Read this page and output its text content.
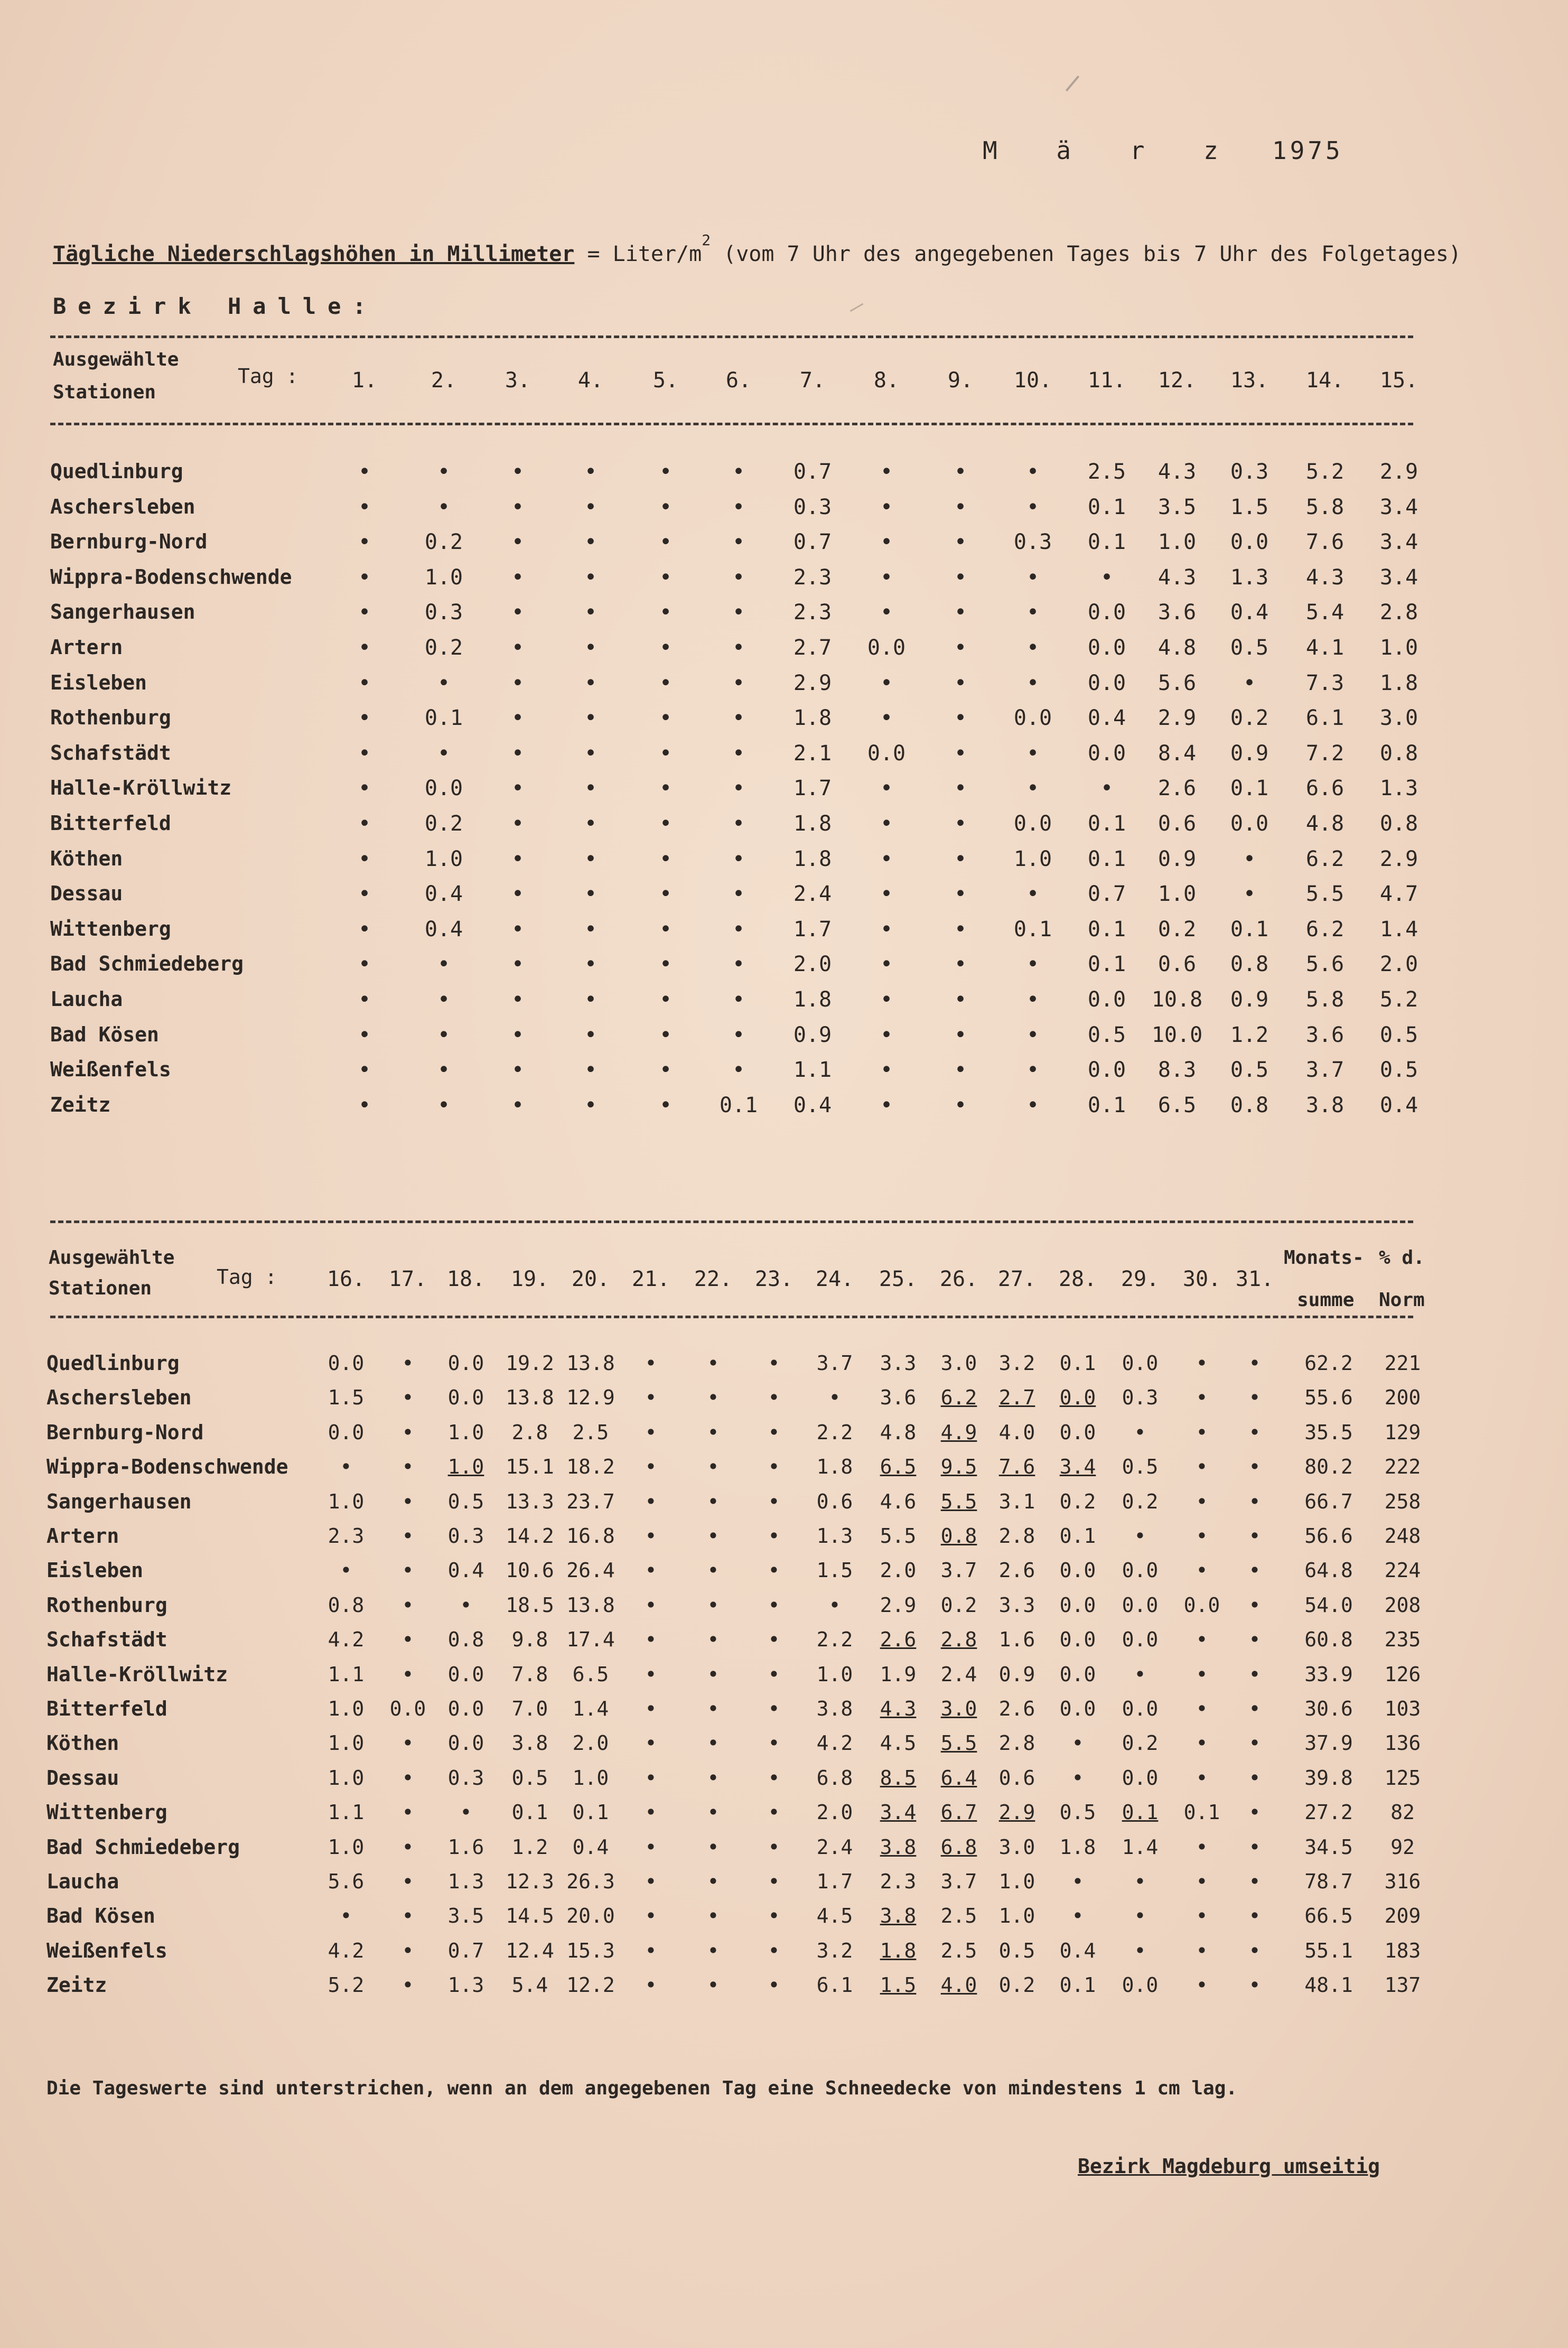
M ä r z 1975
Tägliche Niederschlagshöhen in Millimeter = Liter/$m^2$ (vom 7 Uhr des angegebenen Tages bis 7 Uhr des Folgetages)
Bezirk Halle:
Ausgewählte
Stationen
Tag :	1.	2.	3.	4.	5.	6.	7.	8.	9.	10. 11. 12. 13. 14. 15.
Quedlinburg	•	•	•	•	•	•	0.7	•	•	•	2.5	4.3	0.3	5.2	2.9
Aschersleben	•	•	•	•	•	•	0.3	•	•	•	0.1	3.5	1.5	5.8	3.4
Bernburg-Nord	•	0.2	•	•	•	•	0.7	•	•	0.3	0.1	1.0	0.0	7.6	3.4
Wippra-Bodenschwende	•	1.0	•	•	•	•	2.3	•	•	•	•	4.3	1.3	4.3	3.4
Sangerhausen	•	0.3	•	•	•	•	2.3	•	•	•	0.0	3.6	0.4	5.4	2.8
Artern	•	0.2	•	•	•	•	2.7	0.0	•	•	0.0	4.8	0.5	4.1	1.0
Eisleben	•	•	•	•	•	•	2.9	•	•	•	0.0	5.6	•	7.3	1.8
Rothenburg	•	0.1	•	•	•	•	1.8	•	•	0.0	0.4	2.9	0.2	6.1	3.0
Schafstädt	•	•	•	•	•	•	2.1	0.0	•	•	0.0	8.4	0.9	7.2	0.8
Halle-Kröllwitz	•	0.0	•	•	•	•	1.7	•	•	•	•	2.6	0.1	6.6	1.3
Bitterfeld	•	0.2	•	•	•	•	1.8	•	•	0.0	0.1	0.6	0.0	4.8	0.8
Köthen	•	1.0	•	•	•	•	1.8	•	•	1.0	0.1	0.9	•	6.2	2.9
Dessau	•	0.4	•	•	•	•	2.4	•	•	•	0.7	1.0	•	5.5	4.7
Wittenberg	•	0.4	•	•	•	•	1.7	•	•	0.1	0.1	0.2	0.1	6.2	1.4
Bad Schmiedeberg	•	•	•	•	•	•	2.0	•	•	•	0.1	0.6	0.8	5.6	2.0
Laucha	•	•	•	•	•	•	1.8	•	•	•	0.0	10.8	0.9	5.8	5.2
Bad Kösen	•	•	•	•	•	•	0.9	•	•	•	0.5	10.0	1.2	3.6	0.5
Weißenfels	•	•	•	•	•	•	1.1	•	•	•	0.0	8.3	0.5	3.7	0.5
Zeitz	•	•	•	•	•	0.1	0.4	•	•	•	0.1	6.5	0.8	3.8	0.4
Ausgewählte
Stationen	Tag : 16. 17. 18. 19. 20. 21. 22. 23. 24. 25. 26. 27. 28. 29. 30. 31.
Monats- % d.
summe Norm
Quedlinburg	0.0	•	0.0	19.2 13.8	•	•	•	3.7	3.3	3.0	3.2	0.1	0.0	•	•	62.2	221
Aschersleben	1.5	•	0.0	13.8 12.9	•	•	•	•	3.6	6.2	2.7	0.0	0.3	•	•	55.6	200
Bernburg-Nord	0.0	•	1.0	2.8	2.5	•	•	•	2.2	4.8	4.9	4.0	0.0	•	•	•	35.5	129
Wippra-Bodenschwende	•	•	1.0	15.1 18.2	•	•	•	1.8	6.5	9.5	7.6	3.4	0.5	•	•	80.2	222
Sangerhausen	1.0	•	0.5	13.3 23.7	•	•	•	0.6	4.6	5.5	3.1	0.2	0.2	•	•	66.7	258
Artern	2.3	•	0.3	14.2 16.8	•	•	•	1.3	5.5	0.8	2.8	0.1	•	•	•	56.6	248
Eisleben	•	•	0.4	10.6 26.4	•	•	•	1.5	2.0	3.7	2.6	0.0	0.0	•	•	64.8	224
Rothenburg	0.8	•	•	18.5 13.8	•	•	•	•	2.9	0.2	3.3	0.0	0.0	0.0	•	54.0	208
Schafstädt	4.2	•	0.8	9.8 17.4	•	•	•	2.2	2.6	2.8	1.6	0.0	0.0	•	•	60.8	235
Halle-Kröllwitz	1.1	•	0.0	7.8	6.5	•	•	•	1.0	1.9	2.4	0.9	0.0	•	•	•	33.9	126
Bitterfeld	1.0	0.0	0.0	7.0	1.4	•	•	•	3.8	4.3	3.0	2.6	0.0	0.0	•	•	30.6	103
Köthen	1.0	•	0.0	3.8	2.0	•	•	•	4.2	4.5	5.5	2.8	•	0.2	•	•	37.9	136
Dessau	1.0	•	0.3	0.5	1.0	•	•	•	6.8	8.5	6.4	0.6	•	0.0	•	•	39.8	125
Wittenberg	1.1	•	•	0.1	0.1	•	•	•	2.0	3.4	6.7	2.9	0.5	0.1	0.1	•	27.2	82
Bad Schmiedeberg	1.0	•	1.6	1.2	0.4	•	•	•	2.4	3.8	6.8	3.0	1.8	1.4	•	•	34.5	92
Laucha	5.6	•	1.3	12.3 26.3	•	•	•	1.7	2.3	3.7	1.0	•	•	•	•	78.7	316
Bad Kösen	•	•	3.5	14.5 20.0	•	•	•	4.5	3.8	2.5	1.0	•	•	•	•	66.5	209
Weißenfels	4.2	•	0.7	12.4 15.3	•	•	•	3.2	1.8	2.5	0.5	0.4	•	•	•	55.1	183
Zeitz	5.2	•	1.3	5.4 12.2	•	•	•	6.1	1.5	4.0	0.2	0.1	0.0	•	•	48.1	137
Die Tageswerte sind unterstrichen, wenn an dem angegebenen Tag eine Schneedecke von mindestens 1 cm lag.
Bezirk Magdeburg umseitig
